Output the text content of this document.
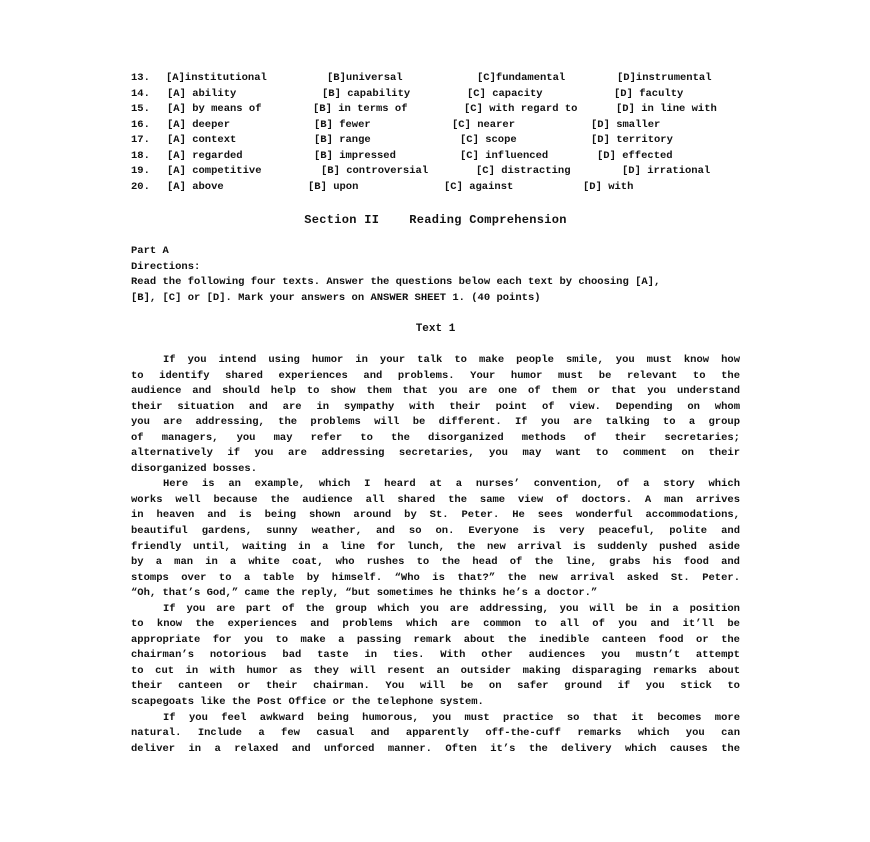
13. [A]institutional	[B]universal	[C]fundamental	[D]instrumental
14. [A] ability	[B] capability	[C] capacity	[D] faculty
15. [A] by means of	[B] in terms of	[C] with regard to	[D] in line with
16. [A] deeper	[B] fewer	[C] nearer	[D] smaller
17. [A] context	[B] range	[C] scope	[D] territory
18. [A] regarded	[B] impressed	[C] influenced	[D] effected
19. [A] competitive	[B] controversial	[C] distracting	[D] irrational
20. [A] above	[B] upon	[C] against	[D] with
Section II    Reading Comprehension
Part A
Directions:
Read the following four texts. Answer the questions below each text by choosing [A],
[B], [C] or [D]. Mark your answers on ANSWER SHEET 1. (40 points)
Text 1
If you intend using humor in your talk to make people smile, you must know how
to identify shared experiences and problems. Your humor must be relevant to the
audience and should help to show them that you are one of them or that you understand
their situation and are in sympathy with their point of view. Depending on whom
you are addressing, the problems will be different. If you are talking to a group
of managers, you may refer to the disorganized methods of their secretaries;
alternatively if you are addressing secretaries, you may want to comment on their
disorganized bosses.
Here is an example, which I heard at a nurses’ convention, of a story which
works well because the audience all shared the same view of doctors. A man arrives
in heaven and is being shown around by St. Peter. He sees wonderful accommodations,
beautiful gardens, sunny weather, and so on. Everyone is very peaceful, polite and
friendly until, waiting in a line for lunch, the new arrival is suddenly pushed aside
by a man in a white coat, who rushes to the head of the line, grabs his food and
stomps over to a table by himself. “Who is that?” the new arrival asked St. Peter.
“Oh, that’s God,” came the reply, “but sometimes he thinks he’s a doctor.”
If you are part of the group which you are addressing, you will be in a position
to know the experiences and problems which are common to all of you and it’ll be
appropriate for you to make a passing remark about the inedible canteen food or the
chairman’s notorious bad taste in ties. With other audiences you mustn’t attempt
to cut in with humor as they will resent an outsider making disparaging remarks about
their canteen or their chairman. You will be on safer ground if you stick to
scapegoats like the Post Office or the telephone system.
If you feel awkward being humorous, you must practice so that it becomes more
natural. Include a few casual and apparently off-the-cuff remarks which you can
deliver in a relaxed and unforced manner. Often it’s the delivery which causes the
